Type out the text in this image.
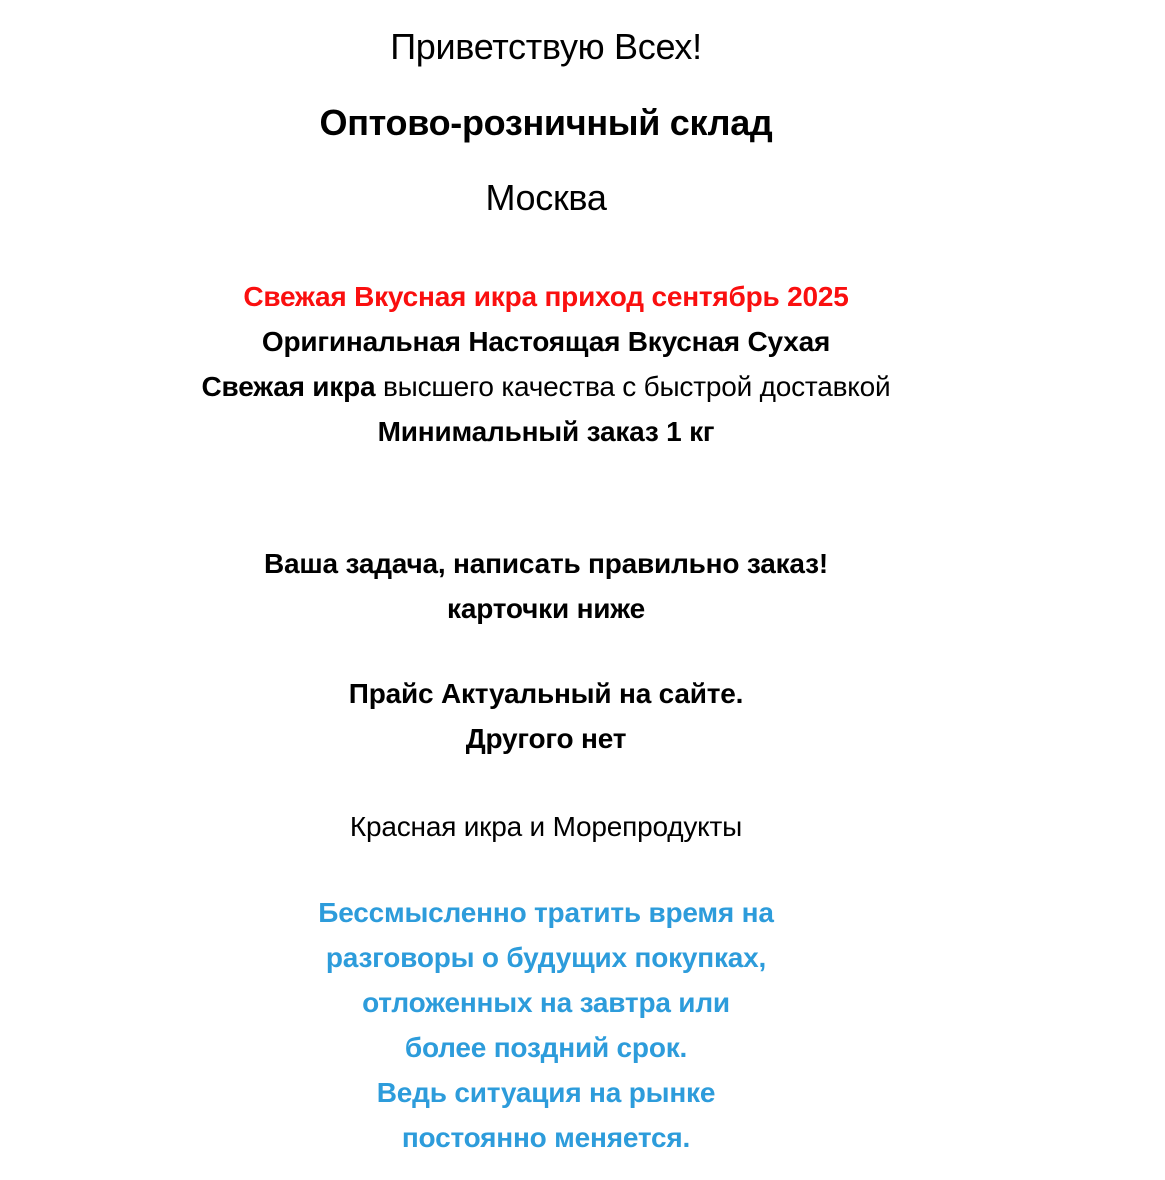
Приветствую Всех!
Оптово-розничный склад
Москва
Свежая Вкусная икра приход сентябрь 2025
Оригинальная Настоящая Вкусная Сухая
Свежая икра высшего качества с быстрой доставкой
Минимальный заказ 1 кг
Ваша задача, написать правильно заказ!
карточки ниже
Прайс Актуальный на сайте.
Другого нет
Красная икра и Морепродукты
Бессмысленно тратить время на
разговоры о будущих покупках,
отложенных на завтра или
более поздний срок.
Ведь ситуация на рынке
постоянно меняется.
